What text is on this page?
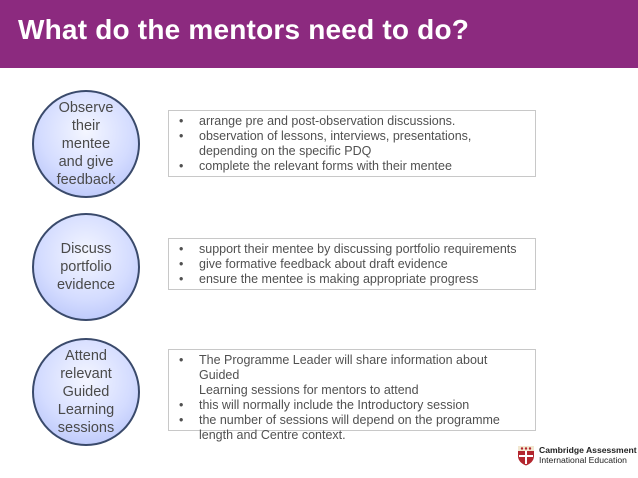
What do the mentors need to do?
Observe
their
mentee
and give
feedback
• arrange pre and post-observation discussions.
• observation of lessons, interviews, presentations,
depending on the specific PDQ
• complete the relevant forms with their mentee
Discuss
portfolio
evidence
• support their mentee by discussing portfolio requirements
• give formative feedback about draft evidence
• ensure the mentee is making appropriate progress
Attend
relevant
Guided
Learning
sessions
• The Programme Leader will share information about Guided
Learning sessions for mentors to attend
• this will normally include the Introductory session
• the number of sessions will depend on the programme
length and Centre context.
Cambridge Assessment
International Education
